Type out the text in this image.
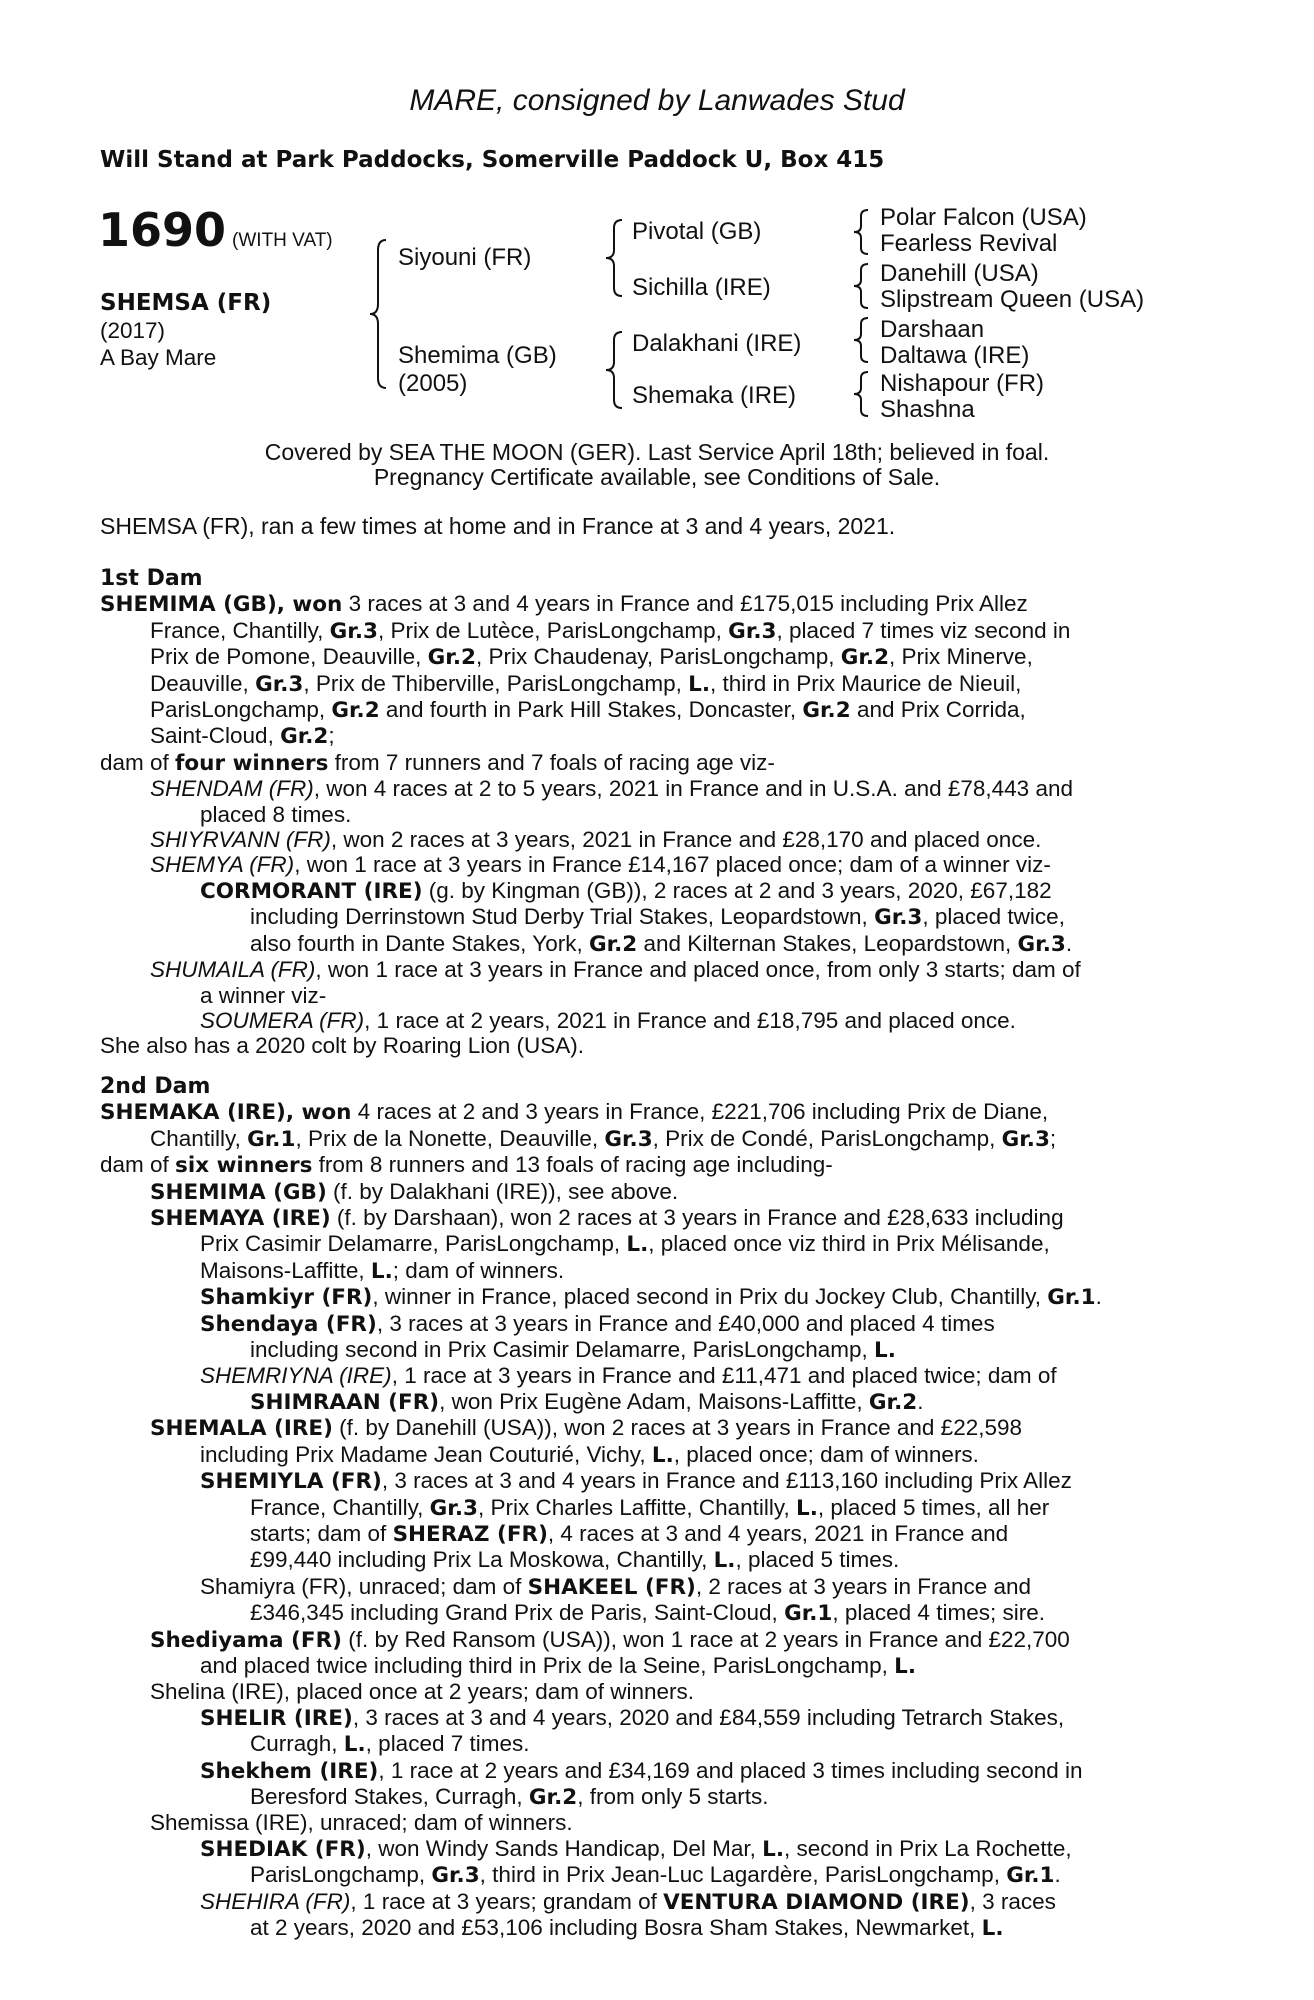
MARE, consigned by Lanwades Stud
Will Stand at Park Paddocks, Somerville Paddock U, Box 415
1690 (WITH VAT)
SHEMSA (FR)
(2017)
A Bay Mare
Siyouni (FR)
Shemima (GB)
(2005)
Pivotal (GB)
Sichilla (IRE)
Dalakhani (IRE)
Shemaka (IRE)
Polar Falcon (USA)
Fearless Revival
Danehill (USA)
Slipstream Queen (USA)
Darshaan
Daltawa (IRE)
Nishapour (FR)
Shashna
Covered by SEA THE MOON (GER). Last Service April 18th; believed in foal.
Pregnancy Certificate available, see Conditions of Sale.
SHEMSA (FR), ran a few times at home and in France at 3 and 4 years, 2021.
1st Dam
SHEMIMA (GB), won 3 races at 3 and 4 years in France and £175,015 including Prix Allez
France, Chantilly, Gr.3, Prix de Lutèce, ParisLongchamp, Gr.3, placed 7 times viz second in
Prix de Pomone, Deauville, Gr.2, Prix Chaudenay, ParisLongchamp, Gr.2, Prix Minerve,
Deauville, Gr.3, Prix de Thiberville, ParisLongchamp, L., third in Prix Maurice de Nieuil,
ParisLongchamp, Gr.2 and fourth in Park Hill Stakes, Doncaster, Gr.2 and Prix Corrida,
Saint-Cloud, Gr.2;
dam of four winners from 7 runners and 7 foals of racing age viz-
SHENDAM (FR), won 4 races at 2 to 5 years, 2021 in France and in U.S.A. and £78,443 and
placed 8 times.
SHIYRVANN (FR), won 2 races at 3 years, 2021 in France and £28,170 and placed once.
SHEMYA (FR), won 1 race at 3 years in France £14,167 placed once; dam of a winner viz-
CORMORANT (IRE) (g. by Kingman (GB)), 2 races at 2 and 3 years, 2020, £67,182
including Derrinstown Stud Derby Trial Stakes, Leopardstown, Gr.3, placed twice,
also fourth in Dante Stakes, York, Gr.2 and Kilternan Stakes, Leopardstown, Gr.3.
SHUMAILA (FR), won 1 race at 3 years in France and placed once, from only 3 starts; dam of
a winner viz-
SOUMERA (FR), 1 race at 2 years, 2021 in France and £18,795 and placed once.
She also has a 2020 colt by Roaring Lion (USA).
2nd Dam
SHEMAKA (IRE), won 4 races at 2 and 3 years in France, £221,706 including Prix de Diane,
Chantilly, Gr.1, Prix de la Nonette, Deauville, Gr.3, Prix de Condé, ParisLongchamp, Gr.3;
dam of six winners from 8 runners and 13 foals of racing age including-
SHEMIMA (GB) (f. by Dalakhani (IRE)), see above.
SHEMAYA (IRE) (f. by Darshaan), won 2 races at 3 years in France and £28,633 including
Prix Casimir Delamarre, ParisLongchamp, L., placed once viz third in Prix Mélisande,
Maisons-Laffitte, L.; dam of winners.
Shamkiyr (FR), winner in France, placed second in Prix du Jockey Club, Chantilly, Gr.1.
Shendaya (FR), 3 races at 3 years in France and £40,000 and placed 4 times
including second in Prix Casimir Delamarre, ParisLongchamp, L.
SHEMRIYNA (IRE), 1 race at 3 years in France and £11,471 and placed twice; dam of
SHIMRAAN (FR), won Prix Eugène Adam, Maisons-Laffitte, Gr.2.
SHEMALA (IRE) (f. by Danehill (USA)), won 2 races at 3 years in France and £22,598
including Prix Madame Jean Couturié, Vichy, L., placed once; dam of winners.
SHEMIYLA (FR), 3 races at 3 and 4 years in France and £113,160 including Prix Allez
France, Chantilly, Gr.3, Prix Charles Laffitte, Chantilly, L., placed 5 times, all her
starts; dam of SHERAZ (FR), 4 races at 3 and 4 years, 2021 in France and
£99,440 including Prix La Moskowa, Chantilly, L., placed 5 times.
Shamiyra (FR), unraced; dam of SHAKEEL (FR), 2 races at 3 years in France and
£346,345 including Grand Prix de Paris, Saint-Cloud, Gr.1, placed 4 times; sire.
Shediyama (FR) (f. by Red Ransom (USA)), won 1 race at 2 years in France and £22,700
and placed twice including third in Prix de la Seine, ParisLongchamp, L.
Shelina (IRE), placed once at 2 years; dam of winners.
SHELIR (IRE), 3 races at 3 and 4 years, 2020 and £84,559 including Tetrarch Stakes,
Curragh, L., placed 7 times.
Shekhem (IRE), 1 race at 2 years and £34,169 and placed 3 times including second in
Beresford Stakes, Curragh, Gr.2, from only 5 starts.
Shemissa (IRE), unraced; dam of winners.
SHEDIAK (FR), won Windy Sands Handicap, Del Mar, L., second in Prix La Rochette,
ParisLongchamp, Gr.3, third in Prix Jean-Luc Lagardère, ParisLongchamp, Gr.1.
SHEHIRA (FR), 1 race at 3 years; grandam of VENTURA DIAMOND (IRE), 3 races
at 2 years, 2020 and £53,106 including Bosra Sham Stakes, Newmarket, L.
